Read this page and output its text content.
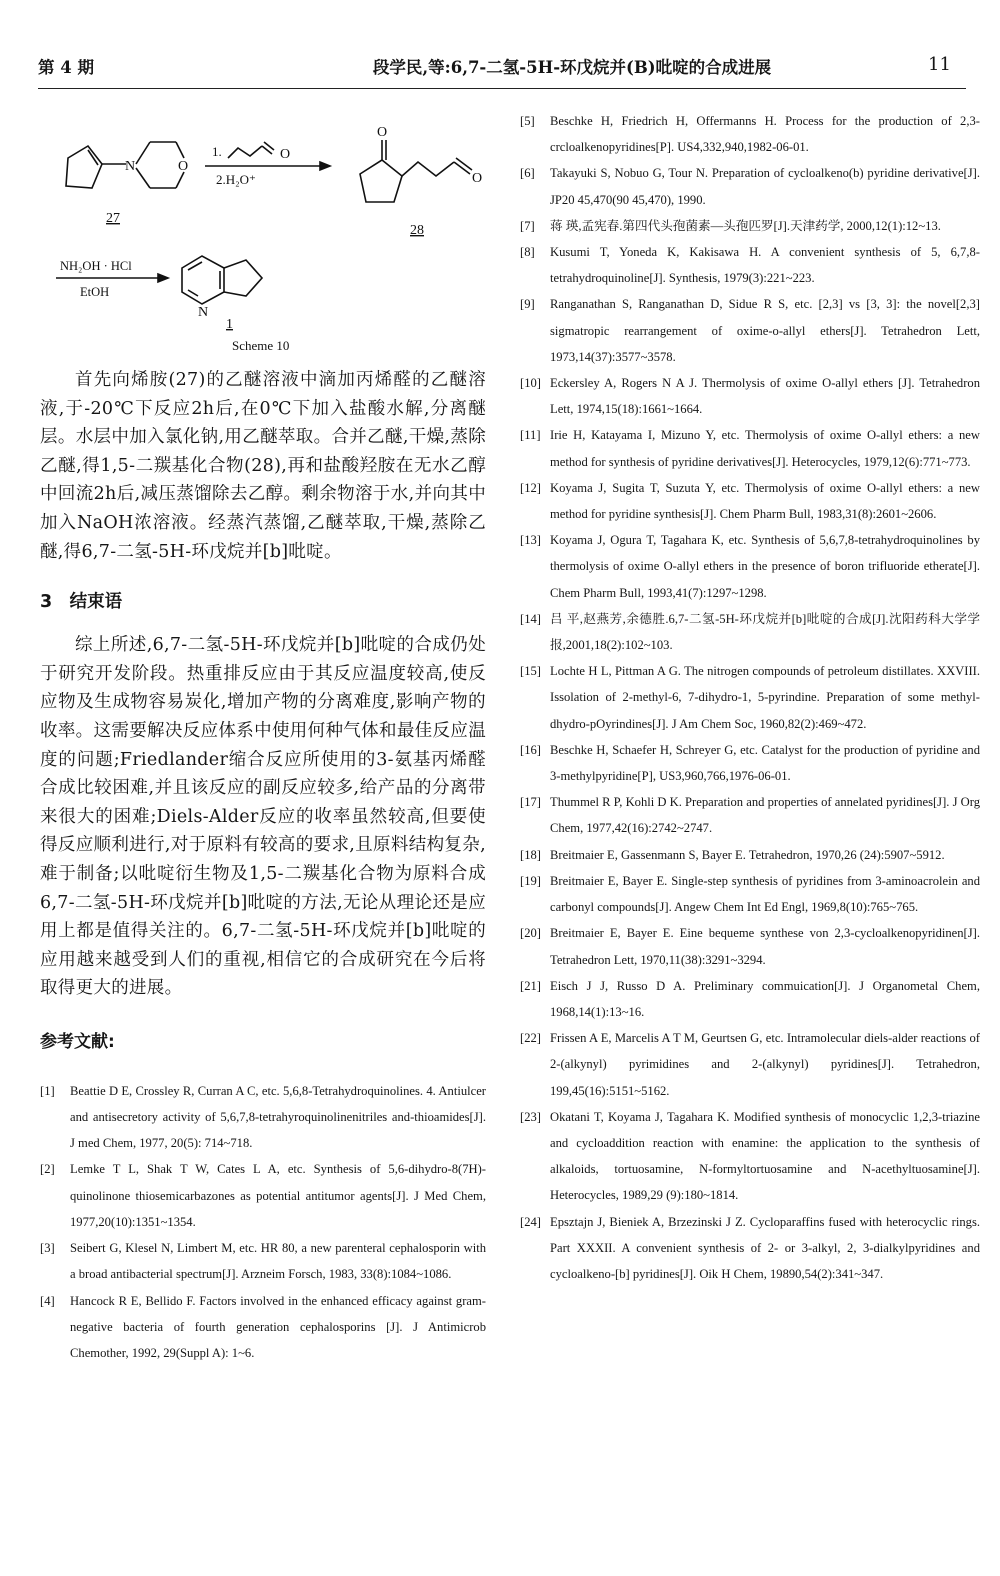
第 4 期	段学民,等:6,7-二氢-5H-环戊烷并(B)吡啶的合成进展	11
N	O
27
1.	O
2.H₂O⁺
O
O
28
NH₂OH · HCl
EtOH
N
1
Scheme 10

首先向烯胺(27)的乙醚溶液中滴加丙烯醛的乙醚溶液,于-20℃下反应2h后,在0℃下加入盐酸水解,分离醚层。水层中加入氯化钠,用乙醚萃取。合并乙醚,干燥,蒸除乙醚,得1,5-二羰基化合物(28),再和盐酸羟胺在无水乙醇中回流2h后,减压蒸馏除去乙醇。剩余物溶于水,并向其中加入NaOH浓溶液。经蒸汽蒸馏,乙醚萃取,干燥,蒸除乙醚,得6,7-二氢-5H-环戊烷并[b]吡啶。

3　结束语

综上所述,6,7-二氢-5H-环戊烷并[b]吡啶的合成仍处于研究开发阶段。热重排反应由于其反应温度较高,使反应物及生成物容易炭化,增加产物的分离难度,影响产物的收率。这需要解决反应体系中使用何种气体和最佳反应温度的问题;Friedlander缩合反应所使用的3-氨基丙烯醛合成比较困难,并且该反应的副反应较多,给产品的分离带来很大的困难;Diels-Alder反应的收率虽然较高,但要使得反应顺利进行,对于原料有较高的要求,且原料结构复杂,难于制备;以吡啶衍生物及1,5-二羰基化合物为原料合成6,7-二氢-5H-环戊烷并[b]吡啶的方法,无论从理论还是应用上都是值得关注的。6,7-二氢-5H-环戊烷并[b]吡啶的应用越来越受到人们的重视,相信它的合成研究在今后将取得更大的进展。

参考文献:

[1] Beattie D E, Crossley R, Curran A C, etc. 5,6,8-Tetrahydroquinolines. 4. Antiulcer and antisecretory activity of 5,6,7,8-tetrahyroquinolinenitriles and-thioamides[J]. J med Chem, 1977, 20(5): 714~718.

[2] Lemke T L, Shak T W, Cates L A, etc. Synthesis of 5,6-dihydro-8(7H)-quinolinone thiosemicarbazones as potential antitumor agents[J]. J Med Chem, 1977,20(10):1351~1354.

[3] Seibert G, Klesel N, Limbert M, etc. HR 80, a new parenteral cephalosporin with a broad antibacterial spectrum[J]. Arzneim Forsch, 1983, 33(8):1084~1086.

[4] Hancock R E, Bellido F. Factors involved in the enhanced efficacy against gram-negative bacteria of fourth generation cephalosporins [J]. J Antimicrob Chemother, 1992, 29(Suppl A): 1~6.

[5] Beschke H, Friedrich H, Offermanns H. Process for the production of 2,3-crcloalkenopyridines[P]. US4,332,940,1982-06-01.

[6] Takayuki S, Nobuo G, Tour N. Preparation of cycloalkeno(b) pyridine derivative[J]. JP20 45,470(90 45,470), 1990.

[7] 蒋 瑛,孟宪春.第四代头孢菌素—头孢匹罗[J].天津药学, 2000,12(1):12~13.

[8] Kusumi T, Yoneda K, Kakisawa H. A convenient synthesis of 5, 6,7,8-tetrahydroquinoline[J]. Synthesis, 1979(3):221~223.

[9] Ranganathan S, Ranganathan D, Sidue R S, etc. [2,3] vs [3, 3]: the novel[2,3] sigmatropic rearrangement of oxime-o-allyl ethers[J]. Tetrahedron Lett, 1973,14(37):3577~3578.

[10] Eckersley A, Rogers N A J. Thermolysis of oxime O-allyl ethers [J]. Tetrahedron Lett, 1974,15(18):1661~1664.

[11] Irie H, Katayama I, Mizuno Y, etc. Thermolysis of oxime O-allyl ethers: a new method for synthesis of pyridine derivatives[J]. Heterocycles, 1979,12(6):771~773.

[12] Koyama J, Sugita T, Suzuta Y, etc. Thermolysis of oxime O-allyl ethers: a new method for pyridine synthesis[J]. Chem Pharm Bull, 1983,31(8):2601~2606.

[13] Koyama J, Ogura T, Tagahara K, etc. Synthesis of 5,6,7,8-tetrahydroquinolines by thermolysis of oxime O-allyl ethers in the presence of boron trifluoride etherate[J]. Chem Pharm Bull, 1993,41(7):1297~1298.

[14] 吕 平,赵燕芳,余德胜.6,7-二氢-5H-环戊烷并[b]吡啶的合成[J].沈阳药科大学学报,2001,18(2):102~103.

[15] Lochte H L, Pittman A G. The nitrogen compounds of petroleum distillates. XXVIII. Issolation of 2-methyl-6, 7-dihydro-1, 5-pyrindine. Preparation of some methyl-dhydro-pOyrindines[J]. J Am Chem Soc, 1960,82(2):469~472.

[16] Beschke H, Schaefer H, Schreyer G, etc. Catalyst for the production of pyridine and 3-methylpyridine[P], US3,960,766,1976-06-01.

[17] Thummel R P, Kohli D K. Preparation and properties of annelated pyridines[J]. J Org Chem, 1977,42(16):2742~2747.

[18] Breitmaier E, Gassenmann S, Bayer E. Tetrahedron, 1970,26 (24):5907~5912.

[19] Breitmaier E, Bayer E. Single-step synthesis of pyridines from 3-aminoacrolein and carbonyl compounds[J]. Angew Chem Int Ed Engl, 1969,8(10):765~765.

[20] Breitmaier E, Bayer E. Eine bequeme synthese von 2,3-cycloalkenopyridinen[J]. Tetrahedron Lett, 1970,11(38):3291~3294.

[21] Eisch J J, Russo D A. Preliminary commuication[J]. J Organometal Chem, 1968,14(1):13~16.

[22] Frissen A E, Marcelis A T M, Geurtsen G, etc. Intramolecular diels-alder reactions of 2-(alkynyl) pyrimidines and 2-(alkynyl) pyridines[J]. Tetrahedron, 199,45(16):5151~5162.

[23] Okatani T, Koyama J, Tagahara K. Modified synthesis of monocyclic 1,2,3-triazine and cycloaddition reaction with enamine: the application to the synthesis of alkaloids, tortuosamine, N-formyltortuosamine and N-acethyltuosamine[J]. Heterocycles, 1989,29 (9):180~1814.

[24] Epsztajn J, Bieniek A, Brzezinski J Z. Cycloparaffins fused with heterocyclic rings. Part XXXII. A convenient synthesis of 2- or 3-alkyl, 2, 3-dialkylpyridines and cycloalkeno-[b] pyridines[J]. Oik H Chem, 19890,54(2):341~347.
